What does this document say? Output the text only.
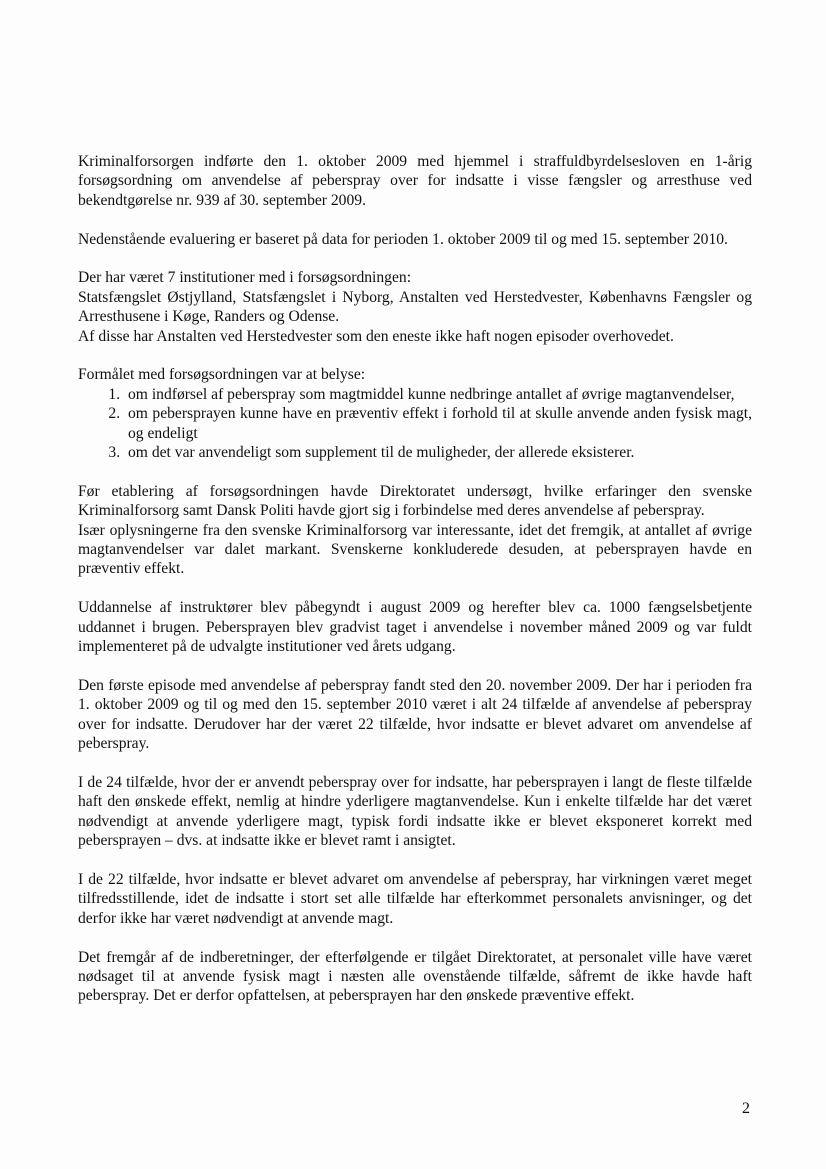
Kriminalforsorgen indførte den 1. oktober 2009 med hjemmel i straffuldbyrdelsesloven en 1-årig forsøgsordning om anvendelse af peberspray over for indsatte i visse fængsler og arresthuse ved bekendtgørelse nr. 939 af 30. september 2009.

Nedenstående evaluering er baseret på data for perioden 1. oktober 2009 til og med 15. september 2010.

Der har været 7 institutioner med i forsøgsordningen:
Statsfængslet Østjylland, Statsfængslet i Nyborg, Anstalten ved Herstedvester, Københavns Fængsler og Arresthusene i Køge, Randers og Odense.
Af disse har Anstalten ved Herstedvester som den eneste ikke haft nogen episoder overhovedet.

Formålet med forsøgsordningen var at belyse:
1. om indførsel af peberspray som magtmiddel kunne nedbringe antallet af øvrige magtanvendelser,
2. om pebersprayen kunne have en præventiv effekt i forhold til at skulle anvende anden fysisk magt, og endeligt
3. om det var anvendeligt som supplement til de muligheder, der allerede eksisterer.

Før etablering af forsøgsordningen havde Direktoratet undersøgt, hvilke erfaringer den svenske Kriminalforsorg samt Dansk Politi havde gjort sig i forbindelse med deres anvendelse af peberspray.
Især oplysningerne fra den svenske Kriminalforsorg var interessante, idet det fremgik, at antallet af øvrige magtanvendelser var dalet markant. Svenskerne konkluderede desuden, at pebersprayen havde en præventiv effekt.

Uddannelse af instruktører blev påbegyndt i august 2009 og herefter blev ca. 1000 fængselsbetjente uddannet i brugen. Pebersprayen blev gradvist taget i anvendelse i november måned 2009 og var fuldt implementeret på de udvalgte institutioner ved årets udgang.

Den første episode med anvendelse af peberspray fandt sted den 20. november 2009. Der har i perioden fra 1. oktober 2009 og til og med den 15. september 2010 været i alt 24 tilfælde af anvendelse af peberspray over for indsatte. Derudover har der været 22 tilfælde, hvor indsatte er blevet advaret om anvendelse af peberspray.

I de 24 tilfælde, hvor der er anvendt peberspray over for indsatte, har pebersprayen i langt de fleste tilfælde haft den ønskede effekt, nemlig at hindre yderligere magtanvendelse. Kun i enkelte tilfælde har det været nødvendigt at anvende yderligere magt, typisk fordi indsatte ikke er blevet eksponeret korrekt med pebersprayen – dvs. at indsatte ikke er blevet ramt i ansigtet.

I de 22 tilfælde, hvor indsatte er blevet advaret om anvendelse af peberspray, har virkningen været meget tilfredsstillende, idet de indsatte i stort set alle tilfælde har efterkommet personalets anvisninger, og det derfor ikke har været nødvendigt at anvende magt.

Det fremgår af de indberetninger, der efterfølgende er tilgået Direktoratet, at personalet ville have været nødsaget til at anvende fysisk magt i næsten alle ovenstående tilfælde, såfremt de ikke havde haft peberspray. Det er derfor opfattelsen, at pebersprayen har den ønskede præventive effekt.

2
